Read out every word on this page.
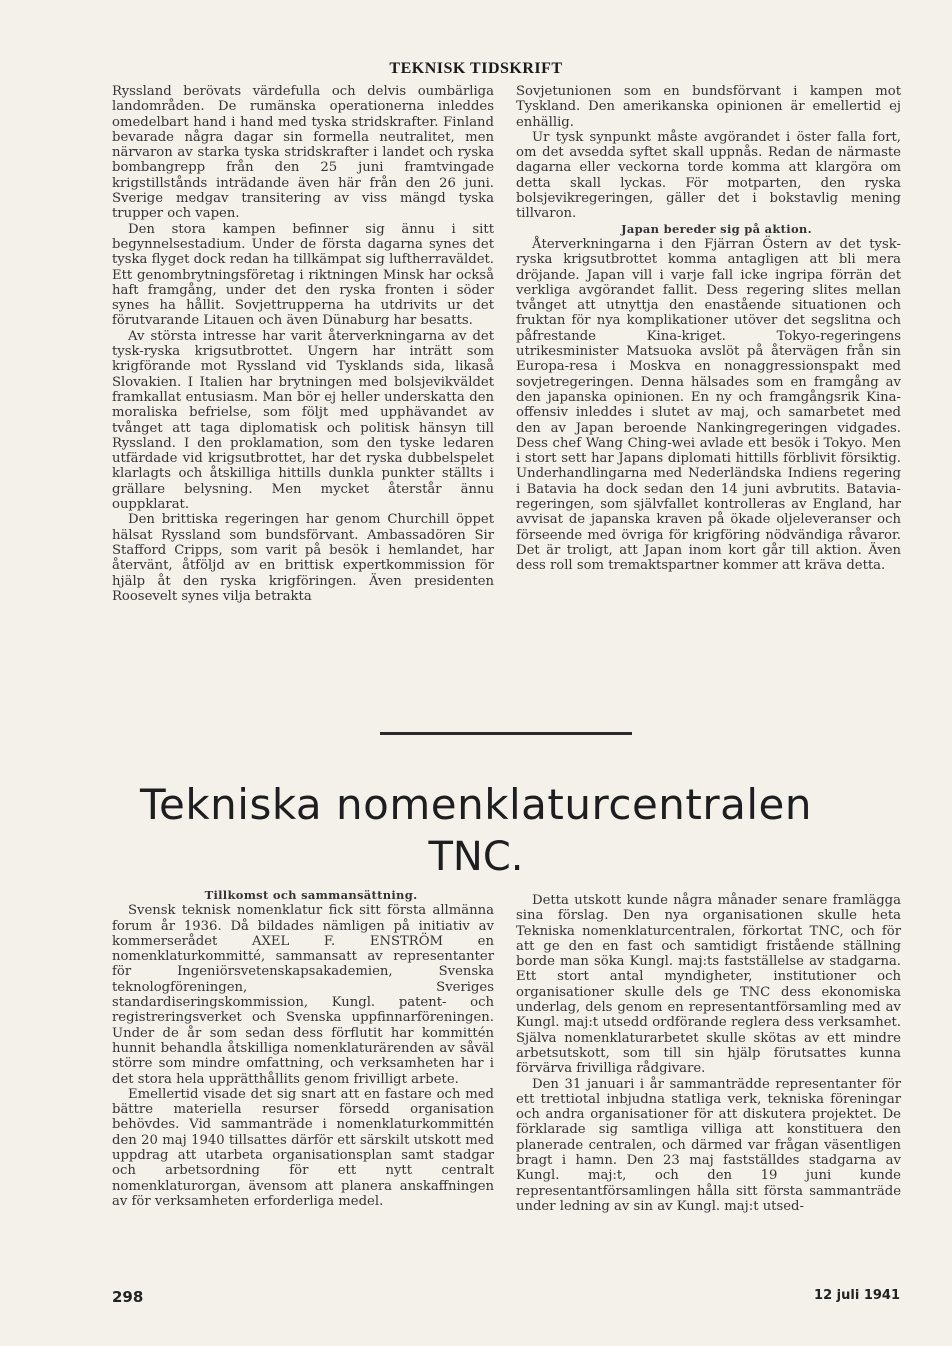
TEKNISK TIDSKRIFT

Ryssland berövats värdefulla och delvis oumbärliga landområden. De rumänska operationerna inleddes omedelbart hand i hand med tyska stridskrafter. Finland bevarade några dagar sin formella neutralitet, men närvaron av starka tyska stridskrafter i landet och ryska bombangrepp från den 25 juni framtvingade krigstillstånds inträdande även här från den 26 juni. Sverige medgav transitering av viss mängd tyska trupper och vapen.

Den stora kampen befinner sig ännu i sitt begynnelsestadium. Under de första dagarna synes det tyska flyget dock redan ha tillkämpat sig luftherraväldet. Ett genombrytningsföretag i riktningen Minsk har också haft framgång, under det den ryska fronten i söder synes ha hållit. Sovjettrupperna ha utdrivits ur det förutvarande Litauen och även Dünaburg har besatts.

Av största intresse har varit återverkningarna av det tysk-ryska krigsutbrottet. Ungern har inträtt som krigförande mot Ryssland vid Tysklands sida, likaså Slovakien. I Italien har brytningen med bolsjevikväldet framkallat entusiasm. Man bör ej heller underskatta den moraliska befrielse, som följt med upphävandet av tvånget att taga diplomatisk och politisk hänsyn till Ryssland. I den proklamation, som den tyske ledaren utfärdade vid krigsutbrottet, har det ryska dubbelspelet klarlagts och åtskilliga hittills dunkla punkter ställts i grällare belysning. Men mycket återstår ännu ouppklarat.

Den brittiska regeringen har genom Churchill öppet hälsat Ryssland som bundsförvant. Ambassadören Sir Stafford Cripps, som varit på besök i hemlandet, har återvänt, åtföljd av en brittisk expertkommission för hjälp åt den ryska krigföringen. Även presidenten Roosevelt synes vilja betrakta

Sovjetunionen som en bundsförvant i kampen mot Tyskland. Den amerikanska opinionen är emellertid ej enhällig.

Ur tysk synpunkt måste avgörandet i öster falla fort, om det avsedda syftet skall uppnås. Redan de närmaste dagarna eller veckorna torde komma att klargöra om detta skall lyckas. För motparten, den ryska bolsjevikregeringen, gäller det i bokstavlig mening tillvaron.

Japan bereder sig på aktion.

Återverkningarna i den Fjärran Östern av det tysk-ryska krigsutbrottet komma antagligen att bli mera dröjande. Japan vill i varje fall icke ingripa förrän det verkliga avgörandet fallit. Dess regering slites mellan tvånget att utnyttja den enastående situationen och fruktan för nya komplikationer utöver det segslitna och påfrestande Kina-kriget. Tokyo-regeringens utrikesminister Matsuoka avslöt på återvägen från sin Europa-resa i Moskva en nonaggressionspakt med sovjetregeringen. Denna hälsades som en framgång av den japanska opinionen. En ny och framgångsrik Kina-offensiv inleddes i slutet av maj, och samarbetet med den av Japan beroende Nankingregeringen vidgades. Dess chef Wang Ching-wei avlade ett besök i Tokyo. Men i stort sett har Japans diplomati hittills förblivit försiktig. Underhandlingarna med Nederländska Indiens regering i Batavia ha dock sedan den 14 juni avbrutits. Batavia-regeringen, som självfallet kontrolleras av England, har avvisat de japanska kraven på ökade oljeleveranser och förseende med övriga för krigföring nödvändiga råvaror. Det är troligt, att Japan inom kort går till aktion. Även dess roll som tremaktspartner kommer att kräva detta.

Tekniska nomenklaturcentralen
TNC.

Tillkomst och sammansättning.

Svensk teknisk nomenklatur fick sitt första allmänna forum år 1936. Då bildades nämligen på initiativ av kommerserådet AXEL F. ENSTRÖM en nomenklaturkommitté, sammansatt av representanter för Ingeniörsvetenskapsakademien, Svenska teknologföreningen, Sveriges standardiseringskommission, Kungl. patent- och registreringsverket och Svenska uppfinnarföreningen. Under de år som sedan dess förflutit har kommittén hunnit behandla åtskilliga nomenklaturärenden av såväl större som mindre omfattning, och verksamheten har i det stora hela upprätthållits genom frivilligt arbete.

Emellertid visade det sig snart att en fastare och med bättre materiella resurser försedd organisation behövdes. Vid sammanträde i nomenklaturkommittén den 20 maj 1940 tillsattes därför ett särskilt utskott med uppdrag att utarbeta organisationsplan samt stadgar och arbetsordning för ett nytt centralt nomenklaturorgan, ävensom att planera anskaffningen av för verksamheten erforderliga medel.

Detta utskott kunde några månader senare framlägga sina förslag. Den nya organisationen skulle heta Tekniska nomenklaturcentralen, förkortat TNC, och för att ge den en fast och samtidigt fristående ställning borde man söka Kungl. maj:ts fastställelse av stadgarna. Ett stort antal myndigheter, institutioner och organisationer skulle dels ge TNC dess ekonomiska underlag, dels genom en representantförsamling med av Kungl. maj:t utsedd ordförande reglera dess verksamhet. Själva nomenklaturarbetet skulle skötas av ett mindre arbetsutskott, som till sin hjälp förutsattes kunna förvärva frivilliga rådgivare.

Den 31 januari i år sammanträdde representanter för ett trettiotal inbjudna statliga verk, tekniska föreningar och andra organisationer för att diskutera projektet. De förklarade sig samtliga villiga att konstituera den planerade centralen, och därmed var frågan väsentligen bragt i hamn. Den 23 maj fastställdes stadgarna av Kungl. maj:t, och den 19 juni kunde representantförsamlingen hålla sitt första sammanträde under ledning av sin av Kungl. maj:t utsed-

298	12 juli 1941
